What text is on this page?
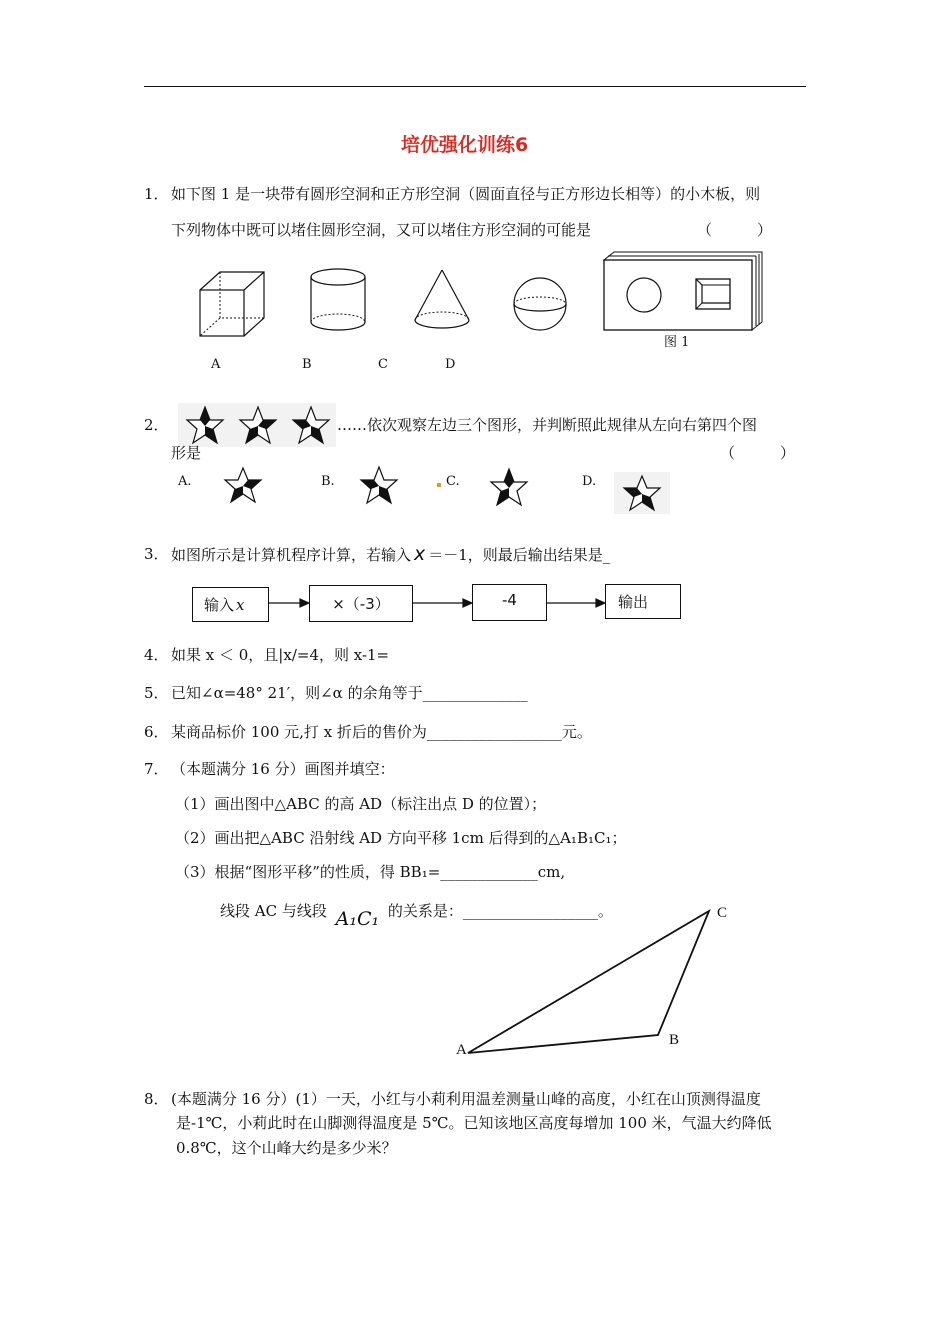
培优强化训练6
1． 如下图 1 是一块带有圆形空洞和正方形空洞（圆面直径与正方形边长相等）的小木板，则
下列物体中既可以堵住圆形空洞，又可以堵住方形空洞的可能是	（　　　）
图 1
A	B	C	D
2．	……依次观察左边三个图形，并判断照此规律从左向右第四个图
形是	（　　　）
A.	B.	C.	D.
3． 如图所示是计算机程序计算，若输入 x ＝－1，则最后输出结果是_
输入 x	×（-3）	-4	输出
4． 如果 x ＜ 0，且|x/=4，则 x-1=
5． 已知∠α=48° 21′，则∠α 的余角等于______________
6． 某商品标价 100 元,打 x 折后的售价为__________________元。
7． （本题满分 16 分）画图并填空：
（1）画出图中△ABC 的高 AD（标注出点 D 的位置）；
（2）画出把△ABC 沿射线 AD 方向平移 1cm 后得到的△A₁B₁C₁；
（3）根据“图形平移”的性质，得 BB₁=_____________cm,
线段 AC 与线段 A₁C₁ 的关系是：__________________。	C
B
A
8． (本题满分 16 分）(1）一天，小红与小莉利用温差测量山峰的高度，小红在山顶测得温度
是-1℃，小莉此时在山脚测得温度是 5℃。已知该地区高度每增加 100 米，气温大约降低
0.8℃，这个山峰大约是多少米？
